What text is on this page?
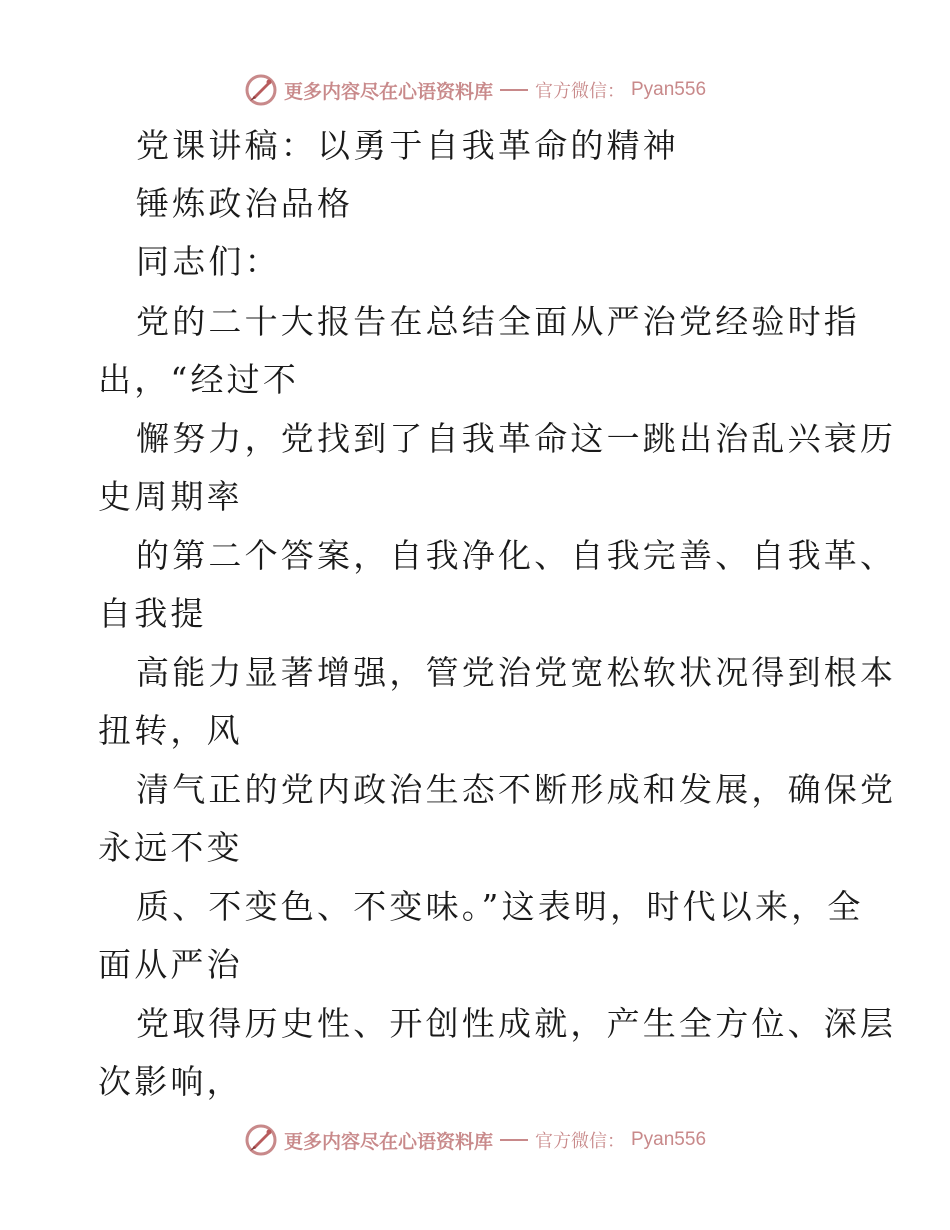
更多内容尽在心语资料库 官方微信： Pyan556
党课讲稿：以勇于自我革命的精神
锤炼政治品格
同志们：
党的二十大报告在总结全面从严治党经验时指
出，“经过不
懈努力，党找到了自我革命这一跳出治乱兴衰历
史周期率
的第二个答案，自我净化、自我完善、自我革、
自我提
高能力显著增强，管党治党宽松软状况得到根本
扭转，风
清气正的党内政治生态不断形成和发展，确保党
永远不变
质、不变色、不变味。”这表明，时代以来，全
面从严治
党取得历史性、开创性成就，产生全方位、深层
次影响，
更多内容尽在心语资料库 官方微信： Pyan556
